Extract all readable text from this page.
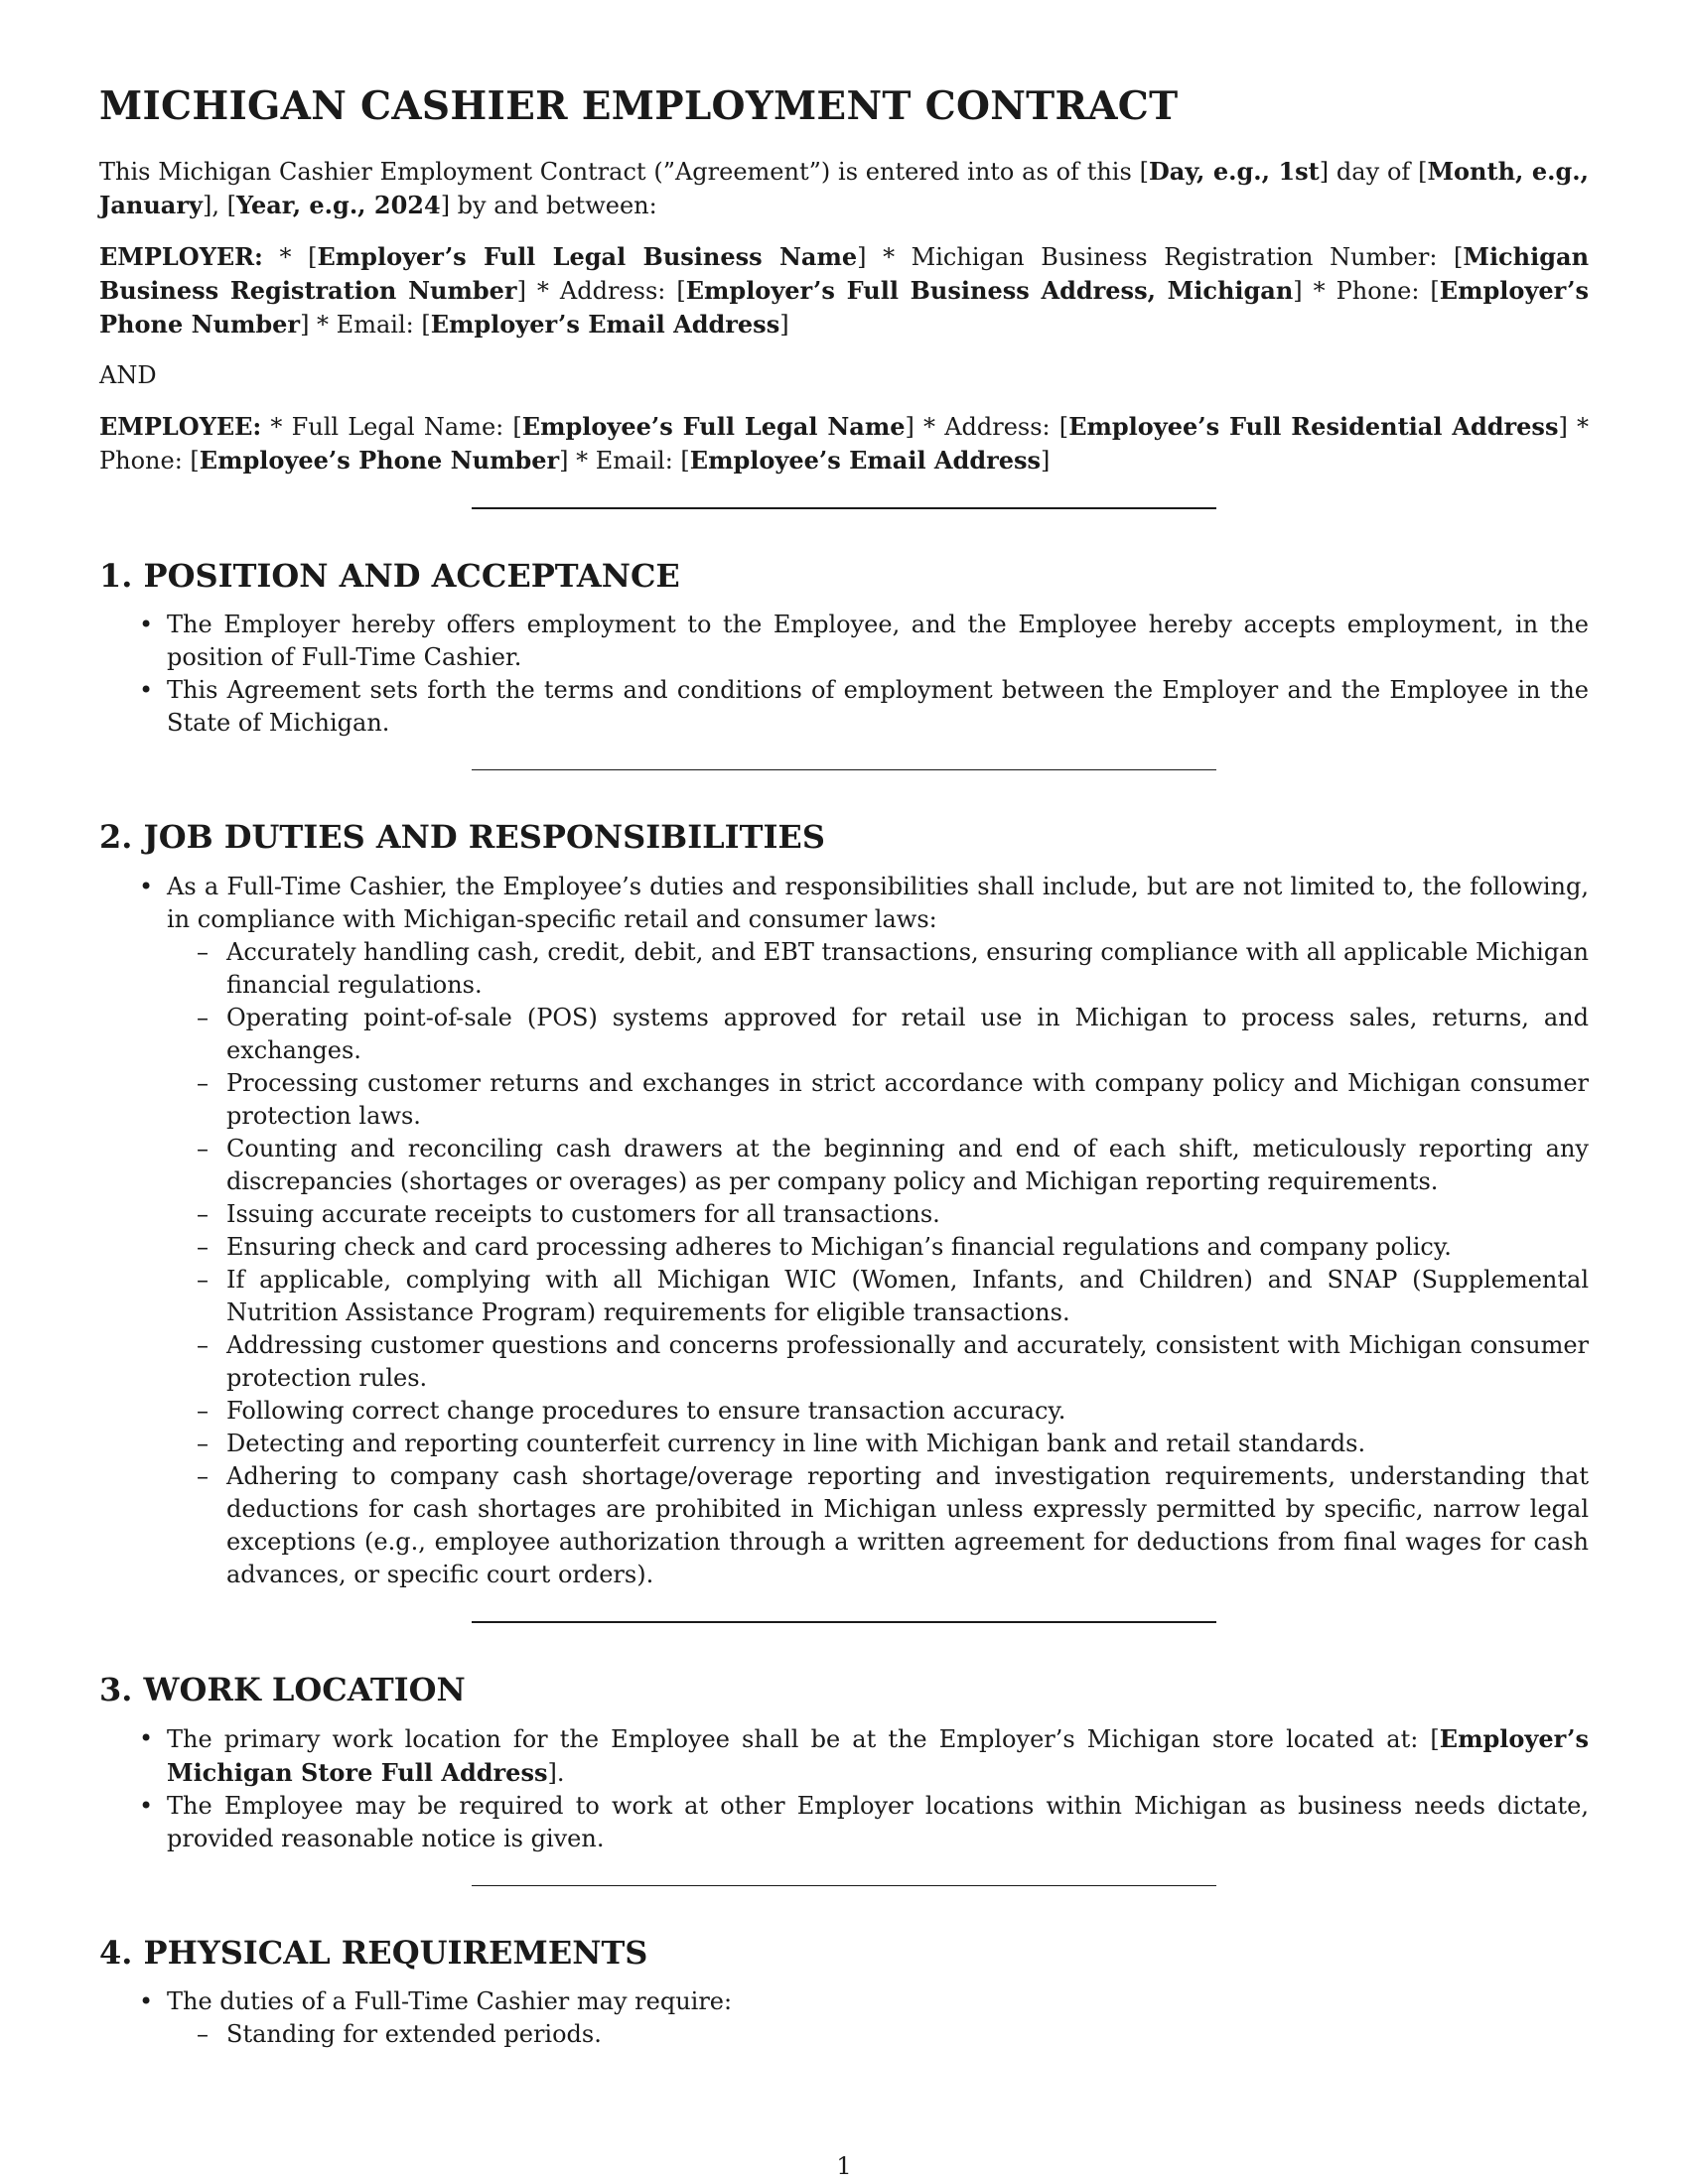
MICHIGAN CASHIER EMPLOYMENT CONTRACT

This Michigan Cashier Employment Contract (”Agreement”) is entered into as of this [Day, e.g., 1st] day of [Month, e.g., January], [Year, e.g., 2024] by and between:

EMPLOYER: * [Employer’s Full Legal Business Name] * Michigan Business Registration Number: [Michigan Business Registration Number] * Address: [Employer’s Full Business Address, Michigan] * Phone: [Employer’s Phone Number] * Email: [Employer’s Email Address]

AND

EMPLOYEE: * Full Legal Name: [Employee’s Full Legal Name] * Address: [Employee’s Full Residential Address] * Phone: [Employee’s Phone Number] * Email: [Employee’s Email Address]

1. POSITION AND ACCEPTANCE
• The Employer hereby offers employment to the Employee, and the Employee hereby accepts employment, in the position of Full-Time Cashier.
• This Agreement sets forth the terms and conditions of employment between the Employer and the Employee in the State of Michigan.
2. JOB DUTIES AND RESPONSIBILITIES
• As a Full-Time Cashier, the Employee’s duties and responsibilities shall include, but are not limited to, the following, in compliance with Michigan-specific retail and consumer laws:
– Accurately handling cash, credit, debit, and EBT transactions, ensuring compliance with all applicable Michigan financial regulations.
– Operating point-of-sale (POS) systems approved for retail use in Michigan to process sales, returns, and exchanges.
– Processing customer returns and exchanges in strict accordance with company policy and Michigan consumer protection laws.
– Counting and reconciling cash drawers at the beginning and end of each shift, meticulously reporting any discrepancies (shortages or overages) as per company policy and Michigan reporting requirements.
– Issuing accurate receipts to customers for all transactions.
– Ensuring check and card processing adheres to Michigan’s financial regulations and company policy.
– If applicable, complying with all Michigan WIC (Women, Infants, and Children) and SNAP (Supplemental Nutrition Assistance Program) requirements for eligible transactions.
– Addressing customer questions and concerns professionally and accurately, consistent with Michigan consumer protection rules.
– Following correct change procedures to ensure transaction accuracy.
– Detecting and reporting counterfeit currency in line with Michigan bank and retail standards.
– Adhering to company cash shortage/overage reporting and investigation requirements, understanding that deductions for cash shortages are prohibited in Michigan unless expressly permitted by specific, narrow legal exceptions (e.g., employee authorization through a written agreement for deductions from final wages for cash advances, or specific court orders).
3. WORK LOCATION
• The primary work location for the Employee shall be at the Employer’s Michigan store located at: [Employer’s Michigan Store Full Address].
• The Employee may be required to work at other Employer locations within Michigan as business needs dictate, provided reasonable notice is given.
4. PHYSICAL REQUIREMENTS
• The duties of a Full-Time Cashier may require:
– Standing for extended periods.
1
